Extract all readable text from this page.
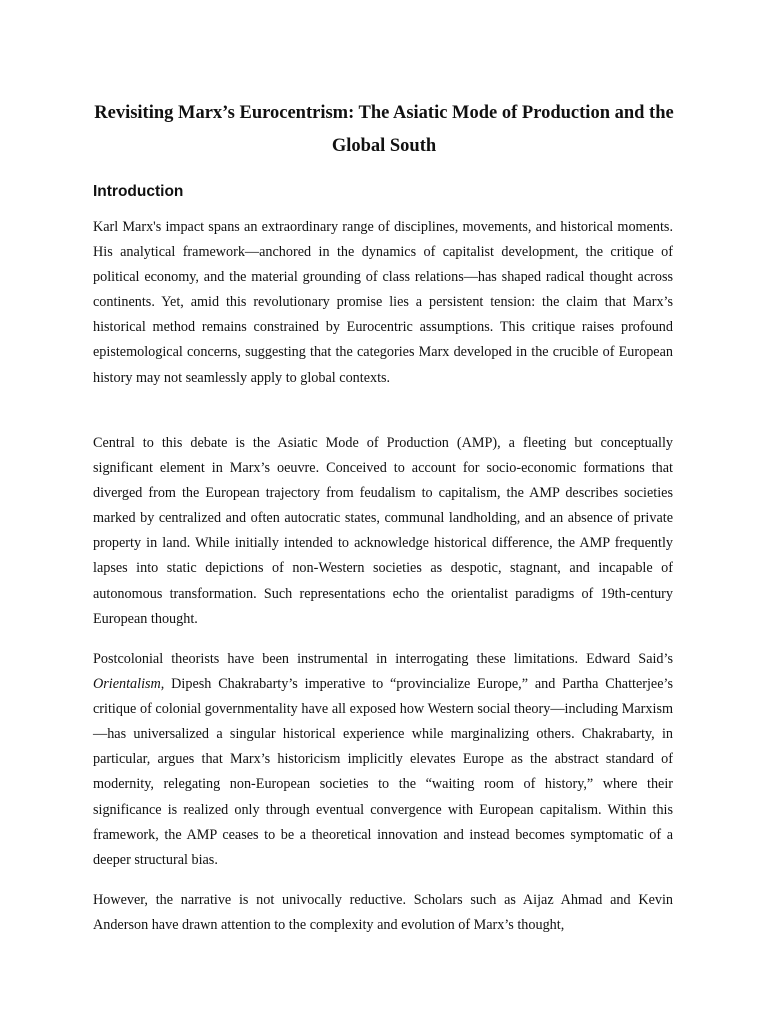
Revisiting Marx’s Eurocentrism: The Asiatic Mode of Production and the Global South
Introduction

Karl Marx's impact spans an extraordinary range of disciplines, movements, and historical moments. His analytical framework—anchored in the dynamics of capitalist development, the critique of political economy, and the material grounding of class relations—has shaped radical thought across continents. Yet, amid this revolutionary promise lies a persistent tension: the claim that Marx’s historical method remains constrained by Eurocentric assumptions. This critique raises profound epistemological concerns, suggesting that the categories Marx developed in the crucible of European history may not seamlessly apply to global contexts.

Central to this debate is the Asiatic Mode of Production (AMP), a fleeting but conceptually significant element in Marx’s oeuvre. Conceived to account for socio-economic formations that diverged from the European trajectory from feudalism to capitalism, the AMP describes societies marked by centralized and often autocratic states, communal landholding, and an absence of private property in land. While initially intended to acknowledge historical difference, the AMP frequently lapses into static depictions of non-Western societies as despotic, stagnant, and incapable of autonomous transformation. Such representations echo the orientalist paradigms of 19th-century European thought.

Postcolonial theorists have been instrumental in interrogating these limitations. Edward Said’s Orientalism, Dipesh Chakrabarty’s imperative to “provincialize Europe,” and Partha Chatterjee’s critique of colonial governmentality have all exposed how Western social theory—including Marxism—has universalized a singular historical experience while marginalizing others. Chakrabarty, in particular, argues that Marx’s historicism implicitly elevates Europe as the abstract standard of modernity, relegating non-European societies to the “waiting room of history,” where their significance is realized only through eventual convergence with European capitalism. Within this framework, the AMP ceases to be a theoretical innovation and instead becomes symptomatic of a deeper structural bias.

However, the narrative is not univocally reductive. Scholars such as Aijaz Ahmad and Kevin Anderson have drawn attention to the complexity and evolution of Marx’s thought,
